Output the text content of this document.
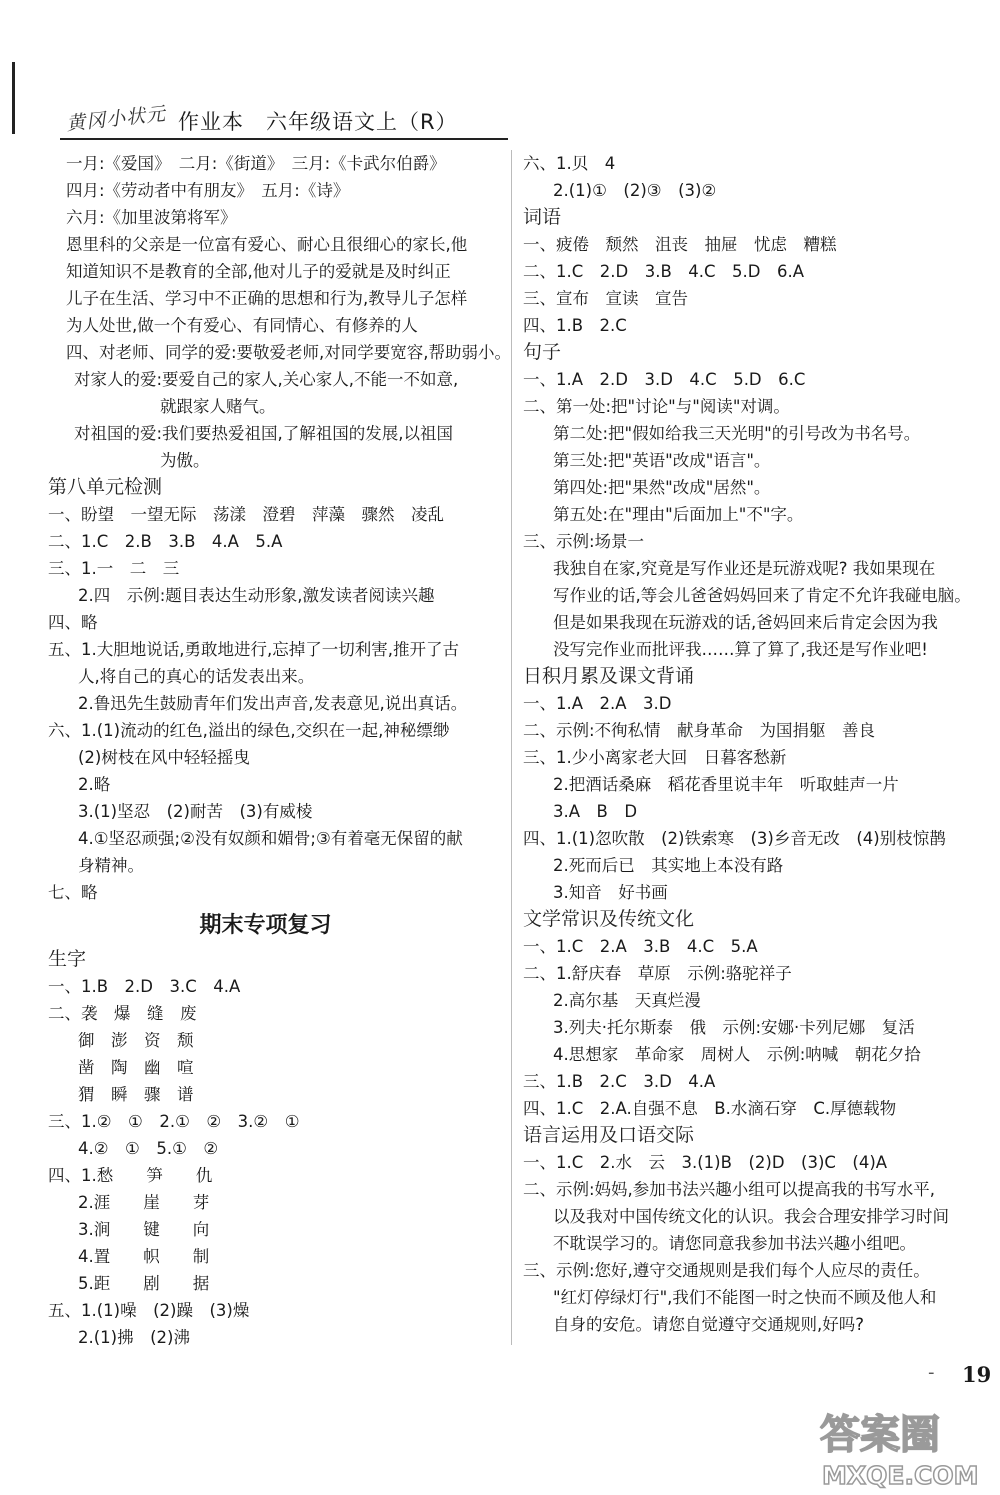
黄冈小状元 作业本　六年级语文上（R）
一月:《爱国》　二月:《街道》　三月:《卡武尔伯爵》
四月:《劳动者中有朋友》　五月:《诗》
六月:《加里波第将军》
恩里科的父亲是一位富有爱心、耐心且很细心的家长,他
知道知识不是教育的全部,他对儿子的爱就是及时纠正
儿子在生活、学习中不正确的思想和行为,教导儿子怎样
为人处世,做一个有爱心、有同情心、有修养的人
四、对老师、同学的爱:要敬爱老师,对同学要宽容,帮助弱小。
对家人的爱:要爱自己的家人,关心家人,不能一不如意,
就跟家人赌气。
对祖国的爱:我们要热爱祖国,了解祖国的发展,以祖国
为傲。
第八单元检测
一、盼望　一望无际　荡漾　澄碧　萍藻　骤然　凌乱
二、1.C　2.B　3.B　4.A　5.A
三、1.一　二　三
2.四　示例:题目表达生动形象,激发读者阅读兴趣
四、略
五、1.大胆地说话,勇敢地进行,忘掉了一切利害,推开了古
人,将自己的真心的话发表出来。
2.鲁迅先生鼓励青年们发出声音,发表意见,说出真话。
六、1.(1)流动的红色,溢出的绿色,交织在一起,神秘缥缈
(2)树枝在风中轻轻摇曳
2.略
3.(1)坚忍　(2)耐苦　(3)有威棱
4.①坚忍顽强;②没有奴颜和媚骨;③有着毫无保留的献
身精神。
七、略
期末专项复习
生字
一、1.B　2.D　3.C　4.A
二、袭　爆　缝　废
御　澎　资　颓
凿　陶　幽　喧
猬　瞬　骤　谱
三、1.②　①　2.①　②　3.②　①
4.②　①　5.①　②
四、1.愁　　笋　　仇
2.涯　　崖　　芽
3.涧　　键　　向
4.置　　帜　　制
5.距　　剧　　据
五、1.(1)噪　(2)躁　(3)燥
2.(1)拂　(2)沸
六、1.贝　4
2.(1)①　(2)③　(3)②
词语
一、疲倦　颓然　沮丧　抽屉　忧虑　糟糕
二、1.C　2.D　3.B　4.C　5.D　6.A
三、宣布　宣读　宣告
四、1.B　2.C
句子
一、1.A　2.D　3.D　4.C　5.D　6.C
二、第一处:把"讨论"与"阅读"对调。
第二处:把"假如给我三天光明"的引号改为书名号。
第三处:把"英语"改成"语言"。
第四处:把"果然"改成"居然"。
第五处:在"理由"后面加上"不"字。
三、示例:场景一
我独自在家,究竟是写作业还是玩游戏呢? 我如果现在
写作业的话,等会儿爸爸妈妈回来了肯定不允许我碰电脑。
但是如果我现在玩游戏的话,爸妈回来后肯定会因为我
没写完作业而批评我……算了算了,我还是写作业吧!
日积月累及课文背诵
一、1.A　2.A　3.D
二、示例:不徇私情　献身革命　为国捐躯　善良
三、1.少小离家老大回　日暮客愁新
2.把酒话桑麻　稻花香里说丰年　听取蛙声一片
3.A　B　D
四、1.(1)忽吹散　(2)铁索寒　(3)乡音无改　(4)别枝惊鹊
2.死而后已　其实地上本没有路
3.知音　好书画
文学常识及传统文化
一、1.C　2.A　3.B　4.C　5.A
二、1.舒庆春　草原　示例:骆驼祥子
2.高尔基　天真烂漫
3.列夫·托尔斯泰　俄　示例:安娜·卡列尼娜　复活
4.思想家　革命家　周树人　示例:呐喊　朝花夕拾
三、1.B　2.C　3.D　4.A
四、1.C　2.A.自强不息　B.水滴石穿　C.厚德载物
语言运用及口语交际
一、1.C　2.水　云　3.(1)B　(2)D　(3)C　(4)A
二、示例:妈妈,参加书法兴趣小组可以提高我的书写水平,
以及我对中国传统文化的认识。我会合理安排学习时间
不耽误学习的。请您同意我参加书法兴趣小组吧。
三、示例:您好,遵守交通规则是我们每个人应尽的责任。
"红灯停绿灯行",我们不能图一时之快而不顾及他人和
自身的安危。请您自觉遵守交通规则,好吗?
- 19
答案圈
MXQE.COM
